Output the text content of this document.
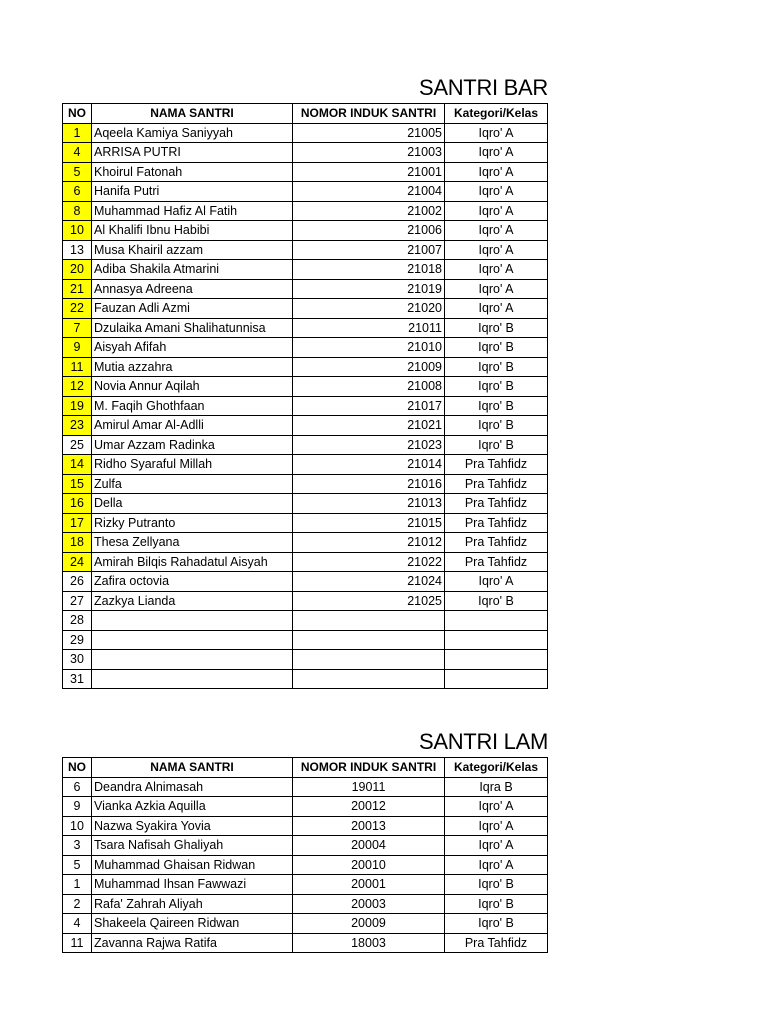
SANTRI BAR
NO	NAMA SANTRI	NOMOR INDUK SANTRI	Kategori/Kelas
1	Aqeela Kamiya Saniyyah	21005	Iqro' A
4	ARRISA PUTRI	21003	Iqro' A
5	Khoirul Fatonah	21001	Iqro' A
6	Hanifa Putri	21004	Iqro' A
8	Muhammad Hafiz Al Fatih	21002	Iqro' A
10	Al Khalifi Ibnu Habibi	21006	Iqro' A
13	Musa Khairil azzam	21007	Iqro' A
20	Adiba Shakila Atmarini	21018	Iqro' A
21	Annasya Adreena	21019	Iqro' A
22	Fauzan Adli Azmi	21020	Iqro' A
7	Dzulaika Amani Shalihatunnisa	21011	Iqro' B
9	Aisyah Afifah	21010	Iqro' B
11	Mutia azzahra	21009	Iqro' B
12	Novia Annur Aqilah	21008	Iqro' B
19	M. Faqih Ghothfaan	21017	Iqro' B
23	Amirul Amar Al-Adlli	21021	Iqro' B
25	Umar Azzam Radinka	21023	Iqro' B
14	Ridho Syaraful Millah	21014	Pra Tahfidz
15	Zulfa	21016	Pra Tahfidz
16	Della	21013	Pra Tahfidz
17	Rizky Putranto	21015	Pra Tahfidz
18	Thesa Zellyana	21012	Pra Tahfidz
24	Amirah Bilqis Rahadatul Aisyah	21022	Pra Tahfidz
26	Zafira octovia	21024	Iqro' A
27	Zazkya Lianda	21025	Iqro' B
28			
29			
30			
31			
SANTRI LAM
NO	NAMA SANTRI	NOMOR INDUK SANTRI	Kategori/Kelas
6	Deandra Alnimasah	19011	Iqra B
9	Vianka Azkia Aquilla	20012	Iqro' A
10	Nazwa Syakira Yovia	20013	Iqro' A
3	Tsara Nafisah Ghaliyah	20004	Iqro' A
5	Muhammad Ghaisan Ridwan	20010	Iqro' A
1	Muhammad Ihsan Fawwazi	20001	Iqro' B
2	Rafa' Zahrah Aliyah	20003	Iqro' B
4	Shakeela Qaireen Ridwan	20009	Iqro' B
11	Zavanna Rajwa Ratifa	18003	Pra Tahfidz
